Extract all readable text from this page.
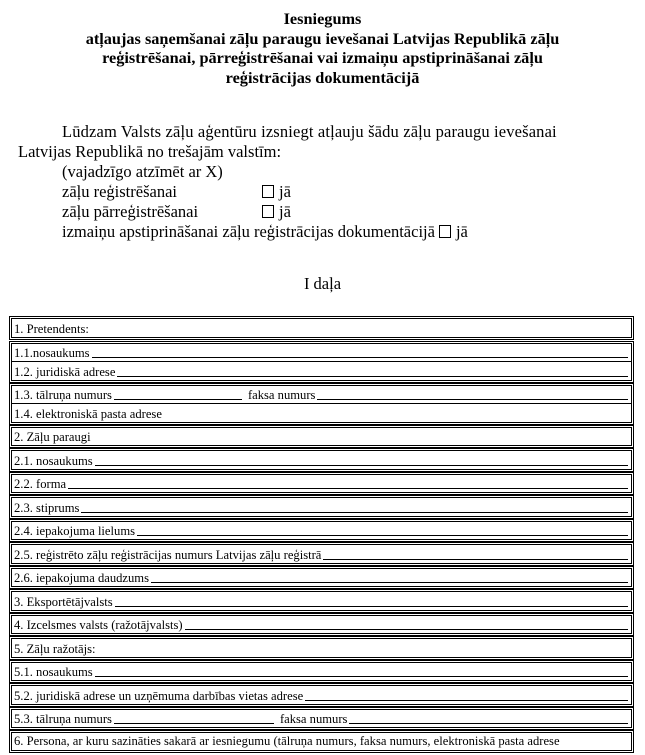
Iesniegums
atļaujas saņemšanai zāļu paraugu ievešanai Latvijas Republikā zāļu
reģistrēšanai, pārreģistrēšanai vai izmaiņu apstiprināšanai zāļu
reģistrācijas dokumentācijā
Lūdzam Valsts zāļu aģentūru izsniegt atļauju šādu zāļu paraugu ievešanai
Latvijas Republikā no trešajām valstīm:
(vajadzīgo atzīmēt ar X)
zāļu reģistrēšanai	jā
zāļu pārreģistrēšanai	jā
izmaiņu apstiprināšanai zāļu reģistrācijas dokumentācijā jā
I daļa
1. Pretendents:
1.1.nosaukums
1.2. juridiskā adrese
1.3. tālruņa numurs	faksa numurs
1.4. elektroniskā pasta adrese
2. Zāļu paraugi
2.1. nosaukums
2.2. forma
2.3. stiprums
2.4. iepakojuma lielums
2.5. reģistrēto zāļu reģistrācijas numurs Latvijas zāļu reģistrā
2.6. iepakojuma daudzums
3. Eksportētājvalsts
4. Izcelsmes valsts (ražotājvalsts)
5. Zāļu ražotājs:
5.1. nosaukums
5.2. juridiskā adrese un uzņēmuma darbības vietas adrese
5.3. tālruņa numurs	faksa numurs
6. Persona, ar kuru sazināties sakarā ar iesniegumu (tālruņa numurs, faksa numurs, elektroniskā pasta adrese
